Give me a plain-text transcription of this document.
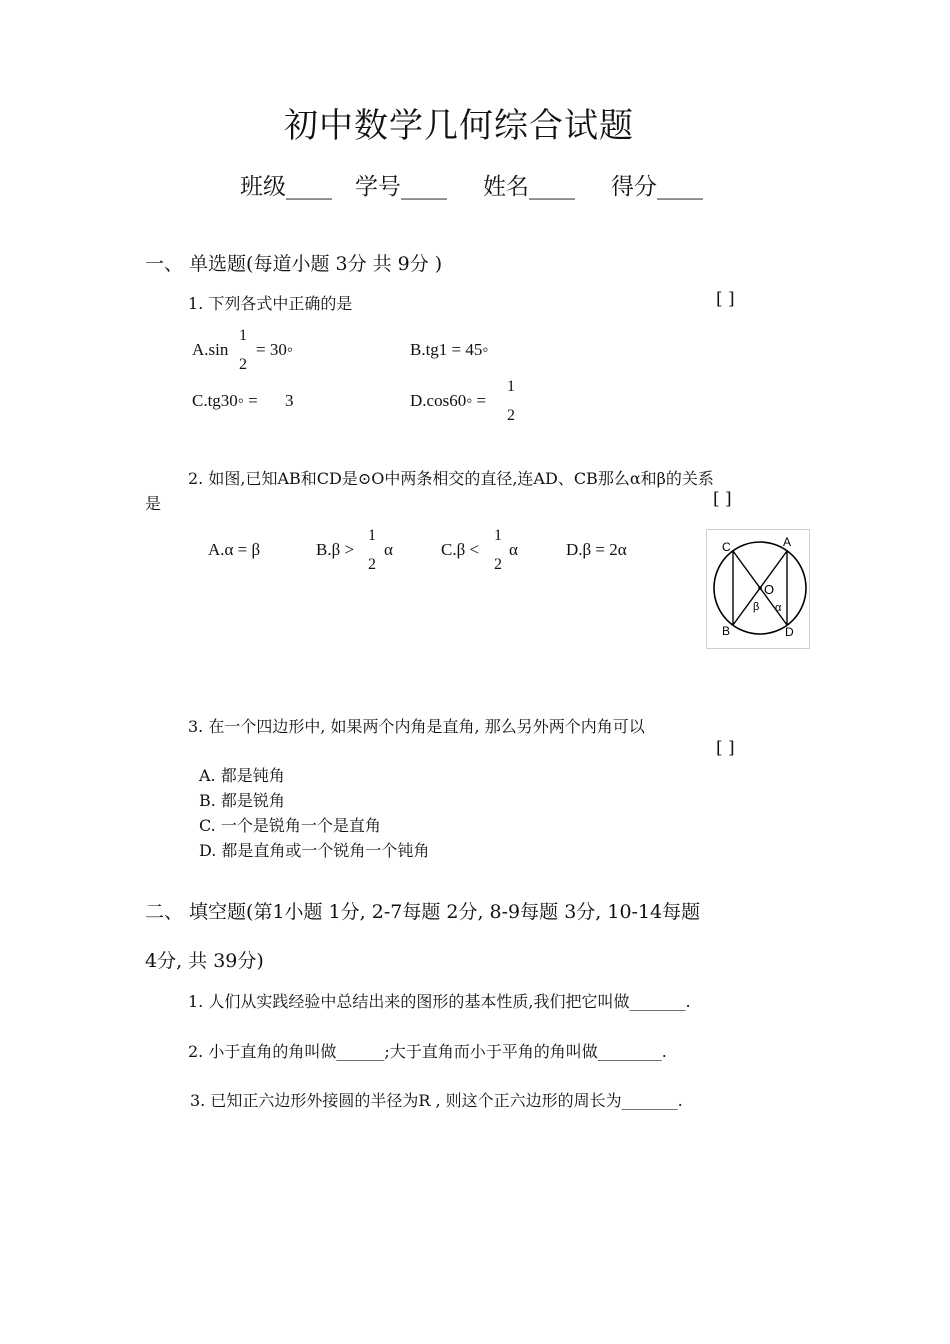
初中数学几何综合试题
班级____ 学号____ 姓名____ 得分____
一、 单选题(每道小题 3分 共 9分 )
1. 下列各式中正确的是	[ ]
A.sin
1
2
= 30◦	B.tg1 = 45◦
C.tg30◦ = 3	D.cos60◦ =
1
2
2. 如图,已知AB和CD是⊙O中两条相交的直径,连AD、CB那么α和β的关系
是	[ ]
A.α = β	B.β >
1
2
α	C.β <
1
2
α	D.β = 2α	C	A
O
β α
B	D
3. 在一个四边形中, 如果两个内角是直角, 那么另外两个内角可以
[ ]
A. 都是钝角
B. 都是锐角
C. 一个是锐角一个是直角
D. 都是直角或一个锐角一个钝角
二、 填空题(第1小题 1分, 2-7每题 2分, 8-9每题 3分, 10-14每题
4分, 共 39分)
1. 人们从实践经验中总结出来的图形的基本性质,我们把它叫做_______.
2. 小于直角的角叫做______;大于直角而小于平角的角叫做________.
3. 已知正六边形外接圆的半径为R , 则这个正六边形的周长为_______.
